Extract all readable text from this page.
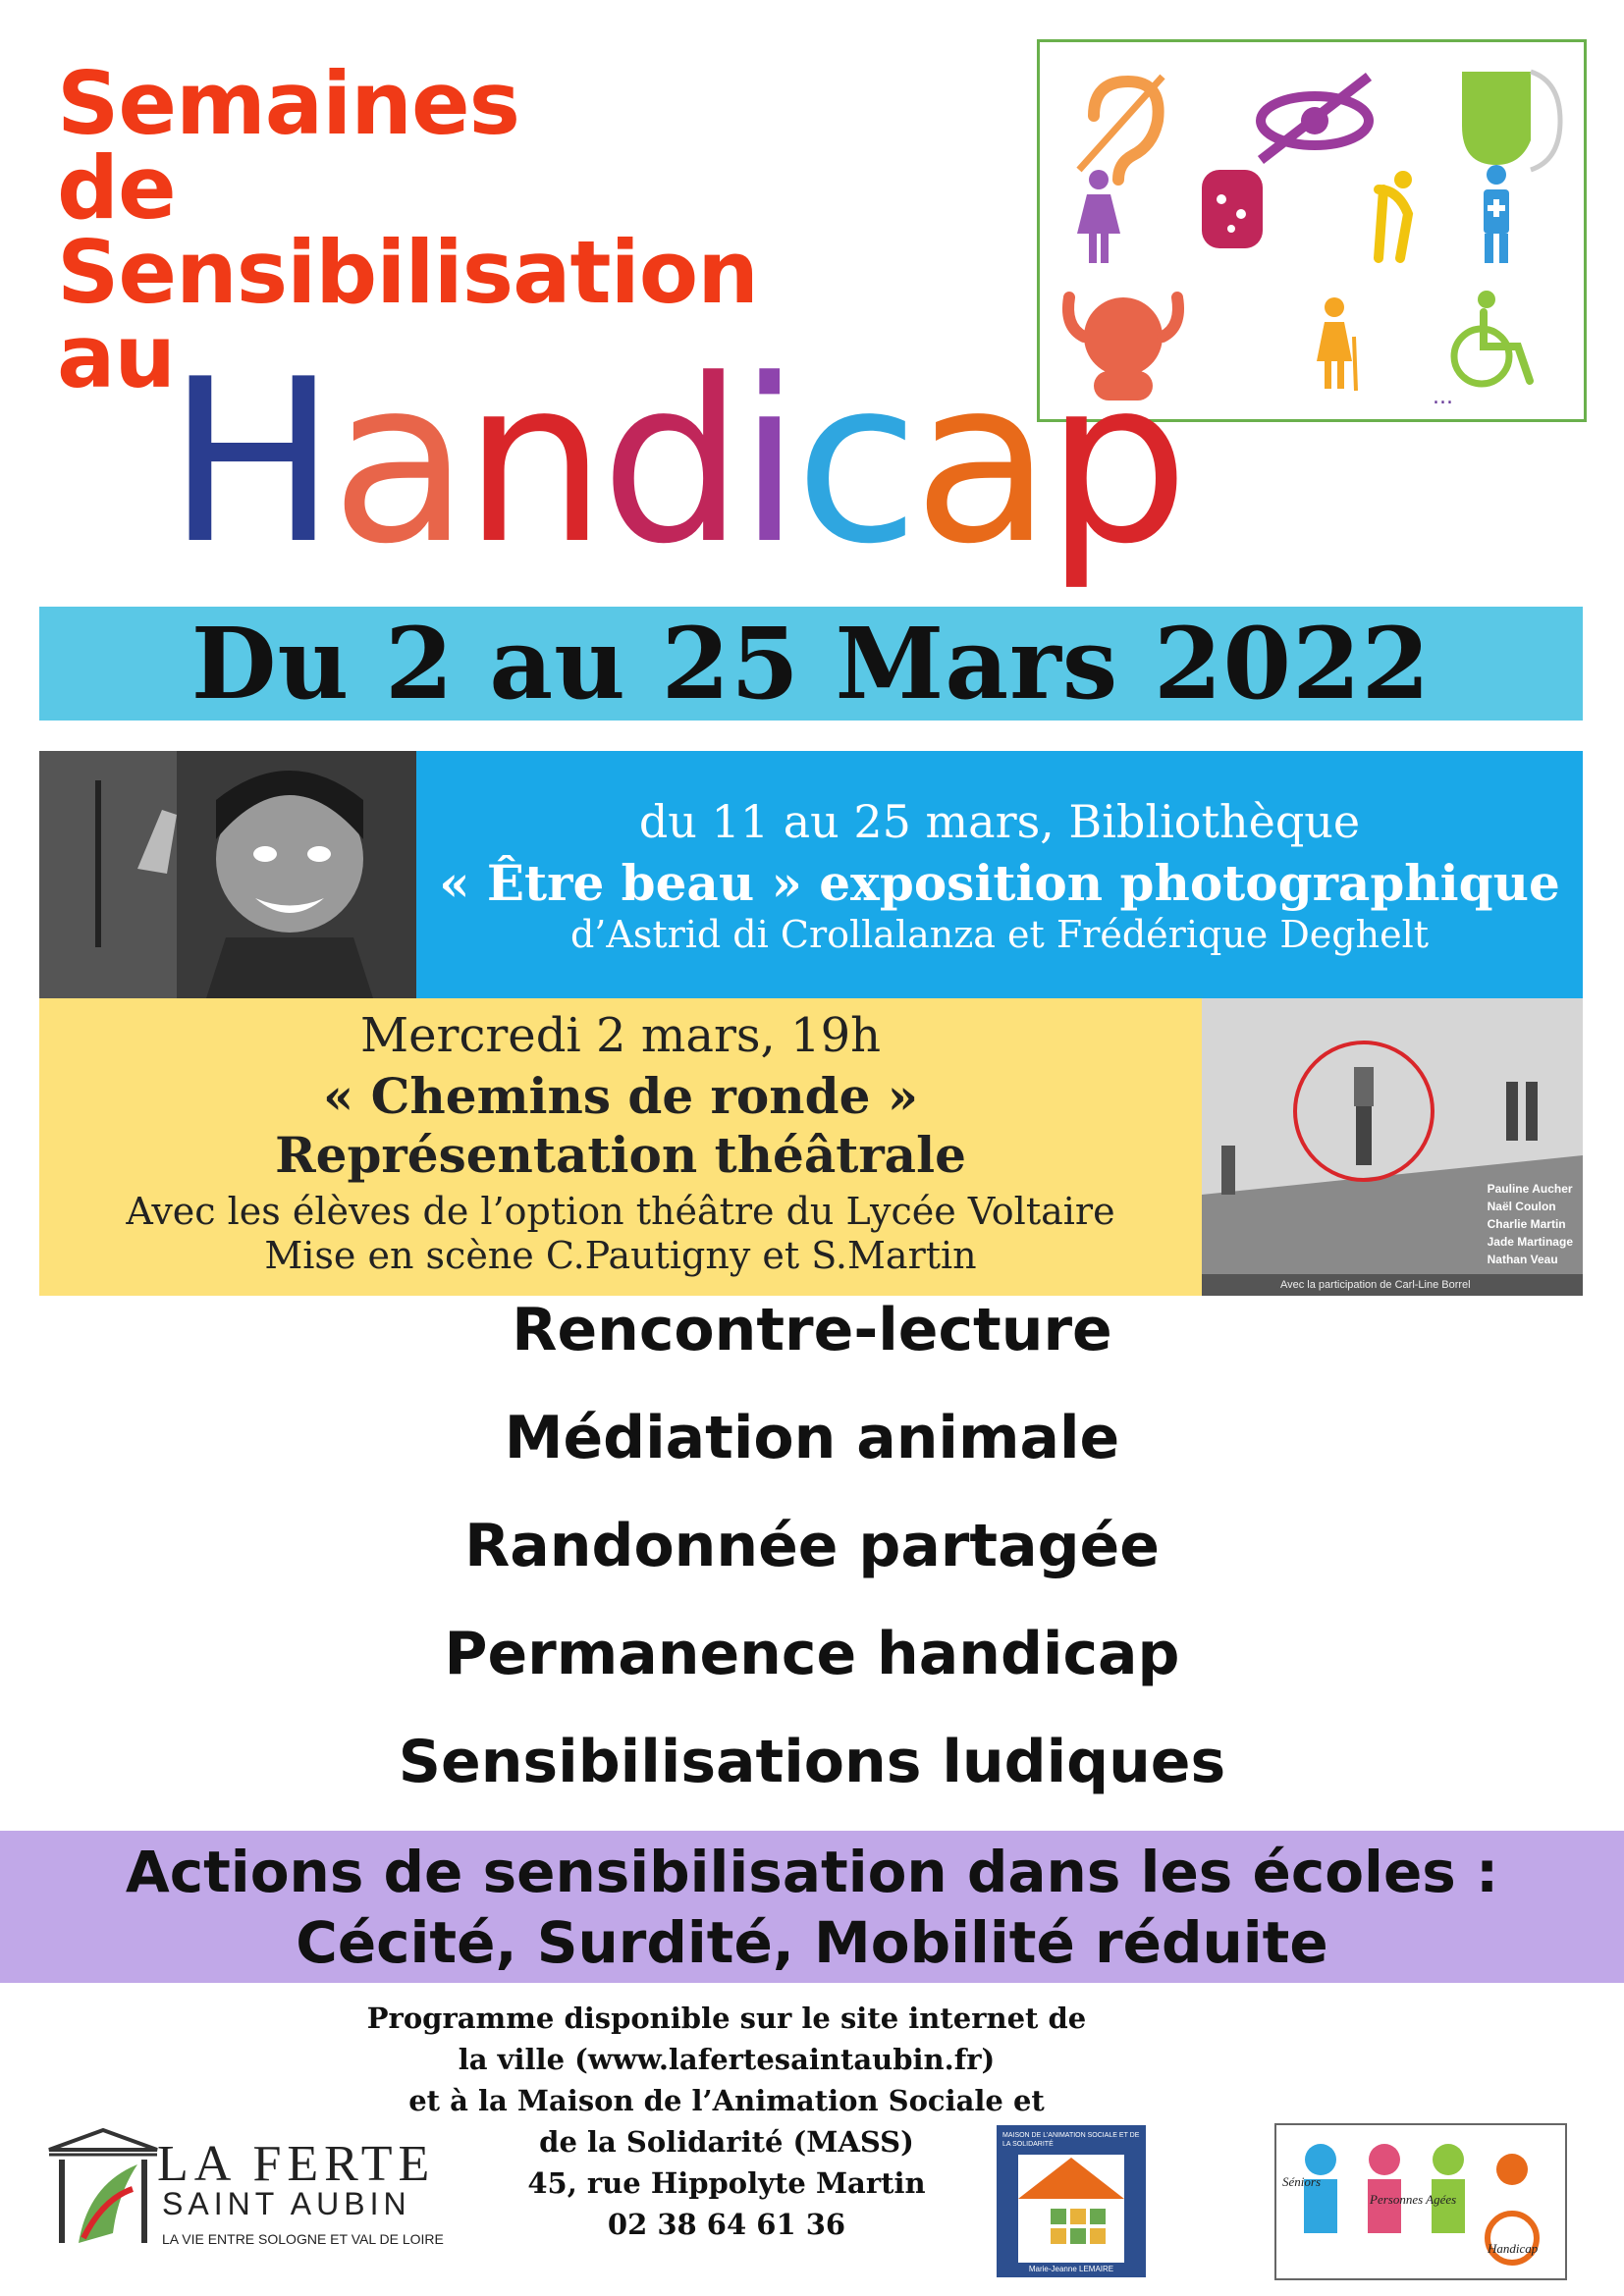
Semaines
de
Sensibilisation
au	...
Handicap
Du 2 au 25 Mars 2022
du 11 au 25 mars, Bibliothèque
« Être beau » exposition photographique
d’Astrid di Crollalanza et Frédérique Deghelt
Mercredi 2 mars, 19h
« Chemins de ronde »
Représentation théâtrale
Avec les élèves de l’option théâtre du Lycée Voltaire
Mise en scène C.Pautigny et S.Martin
Pauline Aucher
Naël Coulon
Charlie Martin
Jade Martinage
Nathan Veau
Avec la participation de Carl-Line Borrel
Rencontre-lecture
Médiation animale
Randonnée partagée
Permanence handicap
Sensibilisations ludiques
Actions de sensibilisation dans les écoles :
Cécité, Surdité, Mobilité réduite
Programme disponible sur le site internet de
la ville (www.lafertesaintaubin.fr)
et à la Maison de l’Animation Sociale et
de la Solidarité (MASS)
45, rue Hippolyte Martin
02 38 64 61 36
LA FERTE
SAINT AUBIN
LA VIE ENTRE SOLOGNE ET VAL DE LOIRE
MAISON DE L’ANIMATION SOCIALE ET DE LA SOLIDARITÉ
Marie-Jeanne LEMAIRE
Séniors
Personnes Agées
Handicap
